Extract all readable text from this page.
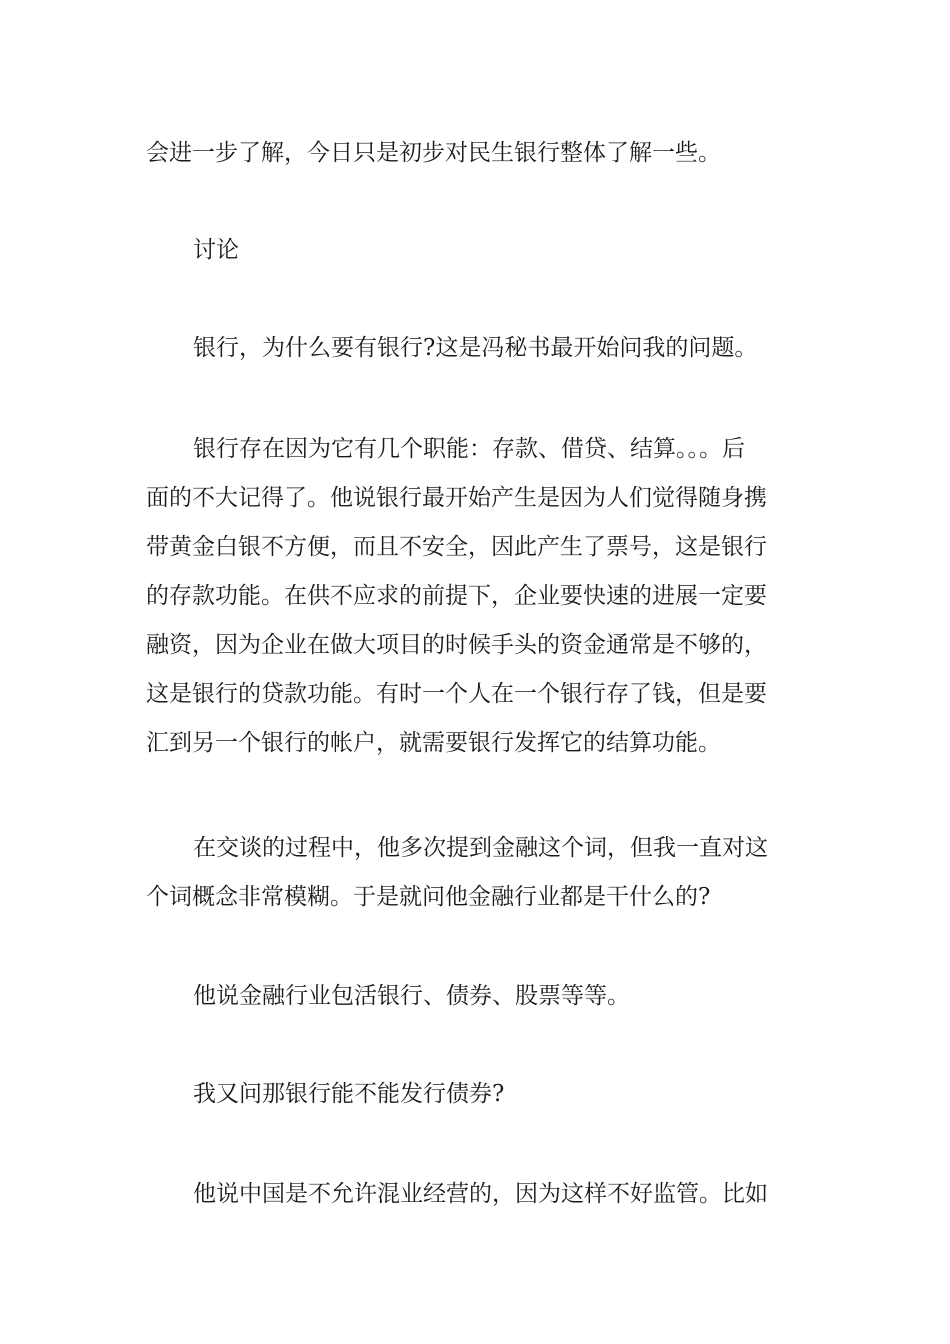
会进一步了解，今日只是初步对民生银行整体了解一些。
讨论
银行，为什么要有银行?这是冯秘书最开始问我的问题。
银行存在因为它有几个职能：存款、借贷、结算。。。后
面的不大记得了。他说银行最开始产生是因为人们觉得随身携
带黄金白银不方便，而且不安全，因此产生了票号，这是银行
的存款功能。在供不应求的前提下，企业要快速的进展一定要
融资，因为企业在做大项目的时候手头的资金通常是不够的，
这是银行的贷款功能。有时一个人在一个银行存了钱，但是要
汇到另一个银行的帐户，就需要银行发挥它的结算功能。
在交谈的过程中，他多次提到金融这个词，但我一直对这
个词概念非常模糊。于是就问他金融行业都是干什么的?
他说金融行业包活银行、债券、股票等等。
我又问那银行能不能发行债券?
他说中国是不允许混业经营的，因为这样不好监管。比如
